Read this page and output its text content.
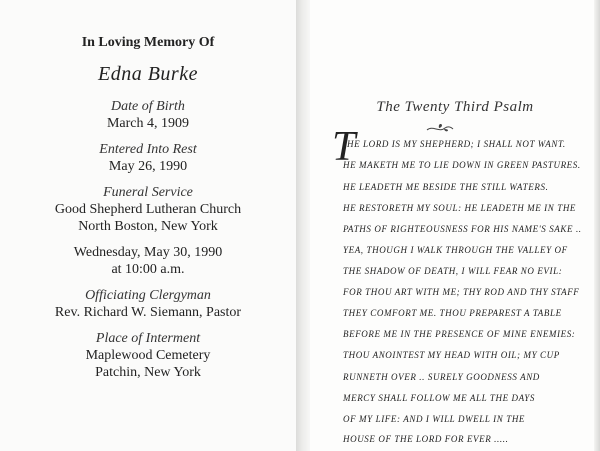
In Loving Memory Of
Edna Burke
Date of Birth
March 4, 1909
Entered Into Rest
May 26, 1990
Funeral Service
Good Shepherd Lutheran Church
North Boston, New York
Wednesday, May 30, 1990
at 10:00 a.m.
Officiating Clergyman
Rev. Richard W. Siemann, Pastor
Place of Interment
Maplewood Cemetery
Patchin, New York
The Twenty Third Psalm
T
HE LORD IS MY SHEPHERD; I SHALL NOT WANT.
HE MAKETH ME TO LIE DOWN IN GREEN PASTURES.
HE LEADETH ME BESIDE THE STILL WATERS.
HE RESTORETH MY SOUL: HE LEADETH ME IN THE
PATHS OF RIGHTEOUSNESS FOR HIS NAME'S SAKE ..
YEA, THOUGH I WALK THROUGH THE VALLEY OF
THE SHADOW OF DEATH, I WILL FEAR NO EVIL:
FOR THOU ART WITH ME; THY ROD AND THY STAFF
THEY COMFORT ME. THOU PREPAREST A TABLE
BEFORE ME IN THE PRESENCE OF MINE ENEMIES:
THOU ANOINTEST MY HEAD WITH OIL; MY CUP
RUNNETH OVER .. SURELY GOODNESS AND
MERCY SHALL FOLLOW ME ALL THE DAYS
OF MY LIFE: AND I WILL DWELL IN THE
HOUSE OF THE LORD FOR EVER .....
